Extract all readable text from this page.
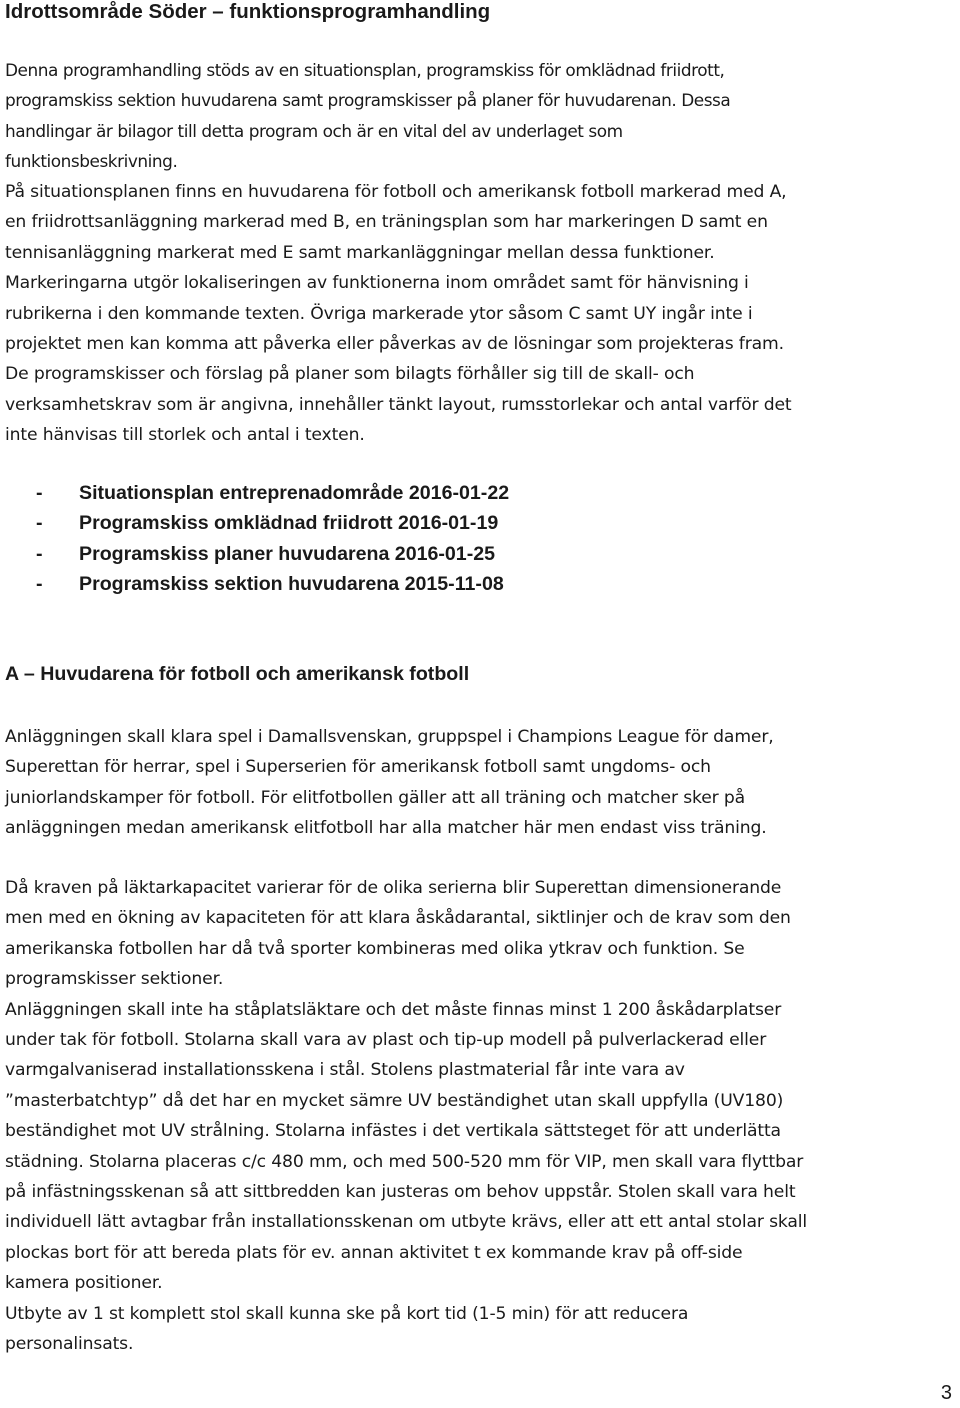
Idrottsområde Söder – funktionsprogramhandling

Denna programhandling stöds av en situationsplan, programskiss för omklädnad friidrott,
programskiss sektion huvudarena samt programskisser på planer för huvudarenan. Dessa
handlingar är bilagor till detta program och är en vital del av underlaget som
funktionsbeskrivning.

På situationsplanen finns en huvudarena för fotboll och amerikansk fotboll markerad med A,
en friidrottsanläggning markerad med B, en träningsplan som har markeringen D samt en
tennisanläggning markerat med E samt markanläggningar mellan dessa funktioner.
Markeringarna utgör lokaliseringen av funktionerna inom området samt för hänvisning i
rubrikerna i den kommande texten. Övriga markerade ytor såsom C samt UY ingår inte i
projektet men kan komma att påverka eller påverkas av de lösningar som projekteras fram.
De programskisser och förslag på planer som bilagts förhåller sig till de skall- och
verksamhetskrav som är angivna, innehåller tänkt layout, rumsstorlekar och antal varför det
inte hänvisas till storlek och antal i texten.

- Situationsplan entreprenadområde 2016-01-22
- Programskiss omklädnad friidrott 2016-01-19
- Programskiss planer huvudarena 2016-01-25
- Programskiss sektion huvudarena 2015-11-08
A – Huvudarena för fotboll och amerikansk fotboll

Anläggningen skall klara spel i Damallsvenskan, gruppspel i Champions League för damer,
Superettan för herrar, spel i Superserien för amerikansk fotboll samt ungdoms- och
juniorlandskamper för fotboll. För elitfotbollen gäller att all träning och matcher sker på
anläggningen medan amerikansk elitfotboll har alla matcher här men endast viss träning.

Då kraven på läktarkapacitet varierar för de olika serierna blir Superettan dimensionerande
men med en ökning av kapaciteten för att klara åskådarantal, siktlinjer och de krav som den
amerikanska fotbollen har då två sporter kombineras med olika ytkrav och funktion. Se
programskisser sektioner.
Anläggningen skall inte ha ståplatsläktare och det måste finnas minst 1 200 åskådarplatser
under tak för fotboll. Stolarna skall vara av plast och tip-up modell på pulverlackerad eller
varmgalvaniserad installationsskena i stål. Stolens plastmaterial får inte vara av
”masterbatchtyp” då det har en mycket sämre UV beständighet utan skall uppfylla (UV180)
beständighet mot UV strålning. Stolarna infästes i det vertikala sättsteget för att underlätta
städning. Stolarna placeras c/c 480 mm, och med 500-520 mm för VIP, men skall vara flyttbar
på infästningsskenan så att sittbredden kan justeras om behov uppstår. Stolen skall vara helt
individuell lätt avtagbar från installationsskenan om utbyte krävs, eller att ett antal stolar skall
plockas bort för att bereda plats för ev. annan aktivitet t ex kommande krav på off-side
kamera positioner.
Utbyte av 1 st komplett stol skall kunna ske på kort tid (1-5 min) för att reducera
personalinsats.

3
